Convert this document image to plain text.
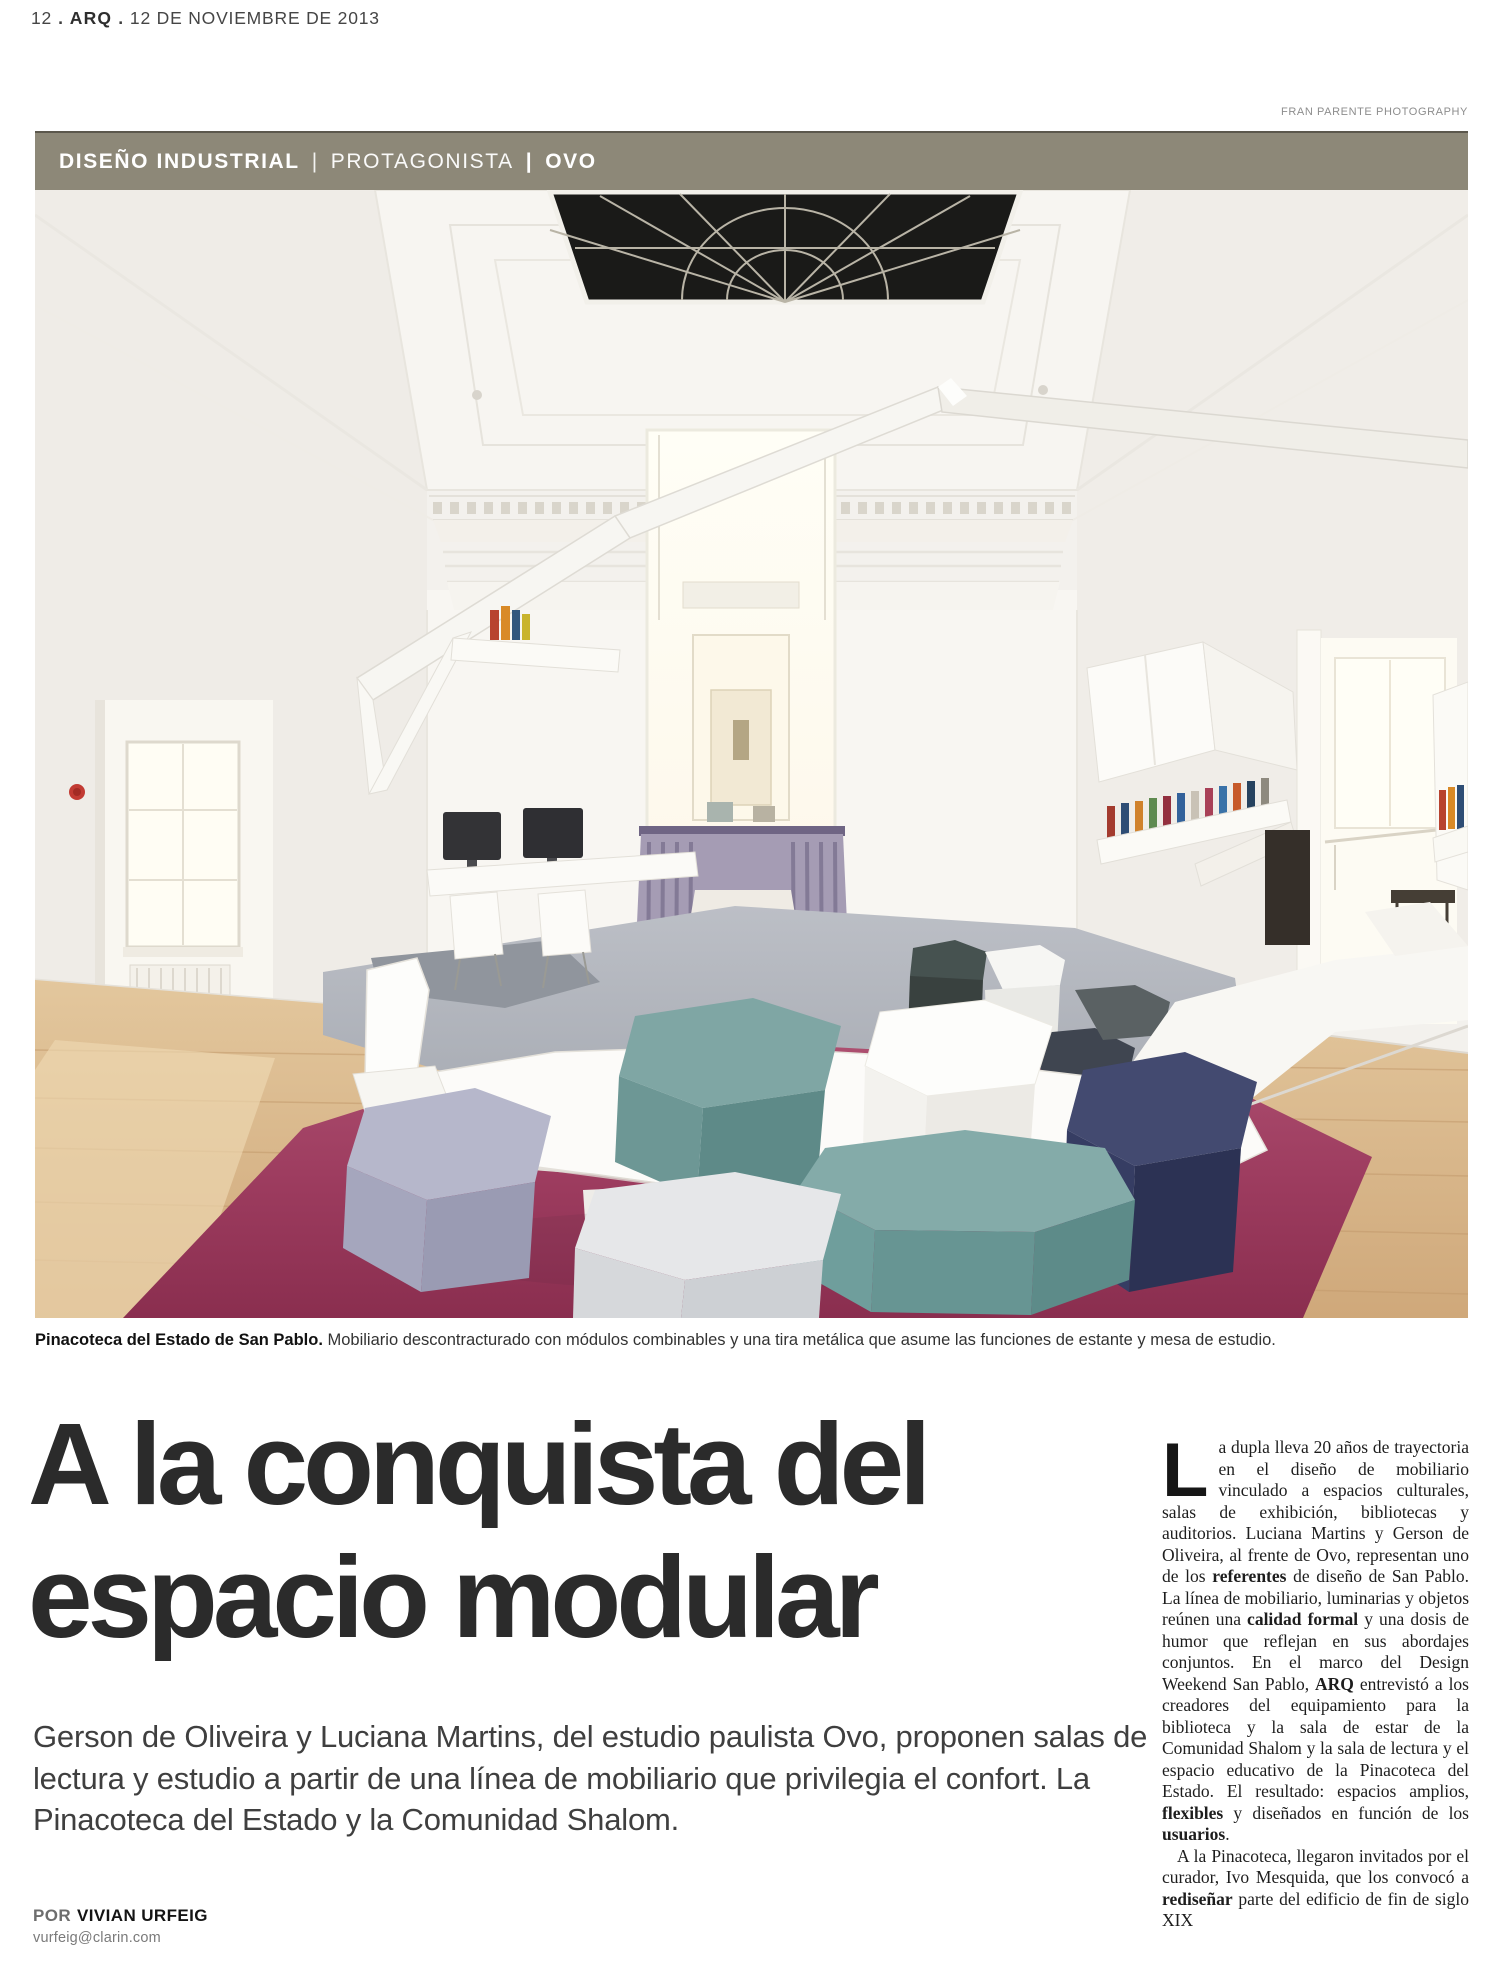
12 . ARQ . 12 DE NOVIEMBRE DE 2013
FRAN PARENTE PHOTOGRAPHY
DISEÑO INDUSTRIAL | PROTAGONISTA | OVO
Pinacoteca del Estado de San Pablo. Mobiliario descontracturado con módulos combinables y una tira metálica que asume las funciones de estante y mesa de estudio.
A la conquista del espacio modular

Gerson de Oliveira y Luciana Martins, del estudio paulista Ovo, proponen salas de lectura y estudio a partir de una línea de mobiliario que privilegia el confort. La Pinacoteca del Estado y la Comunidad Shalom.

POR VIVIAN URFEIG
vurfeig@clarin.com

La dupla lleva 20 años de trayectoria en el diseño de mobiliario vinculado a espacios culturales, salas de exhibición, bibliotecas y auditorios. Luciana Martins y Gerson de Oliveira, al frente de Ovo, representan uno de los referentes de diseño de San Pablo. La línea de mobiliario, luminarias y objetos reúnen una calidad formal y una dosis de humor que reflejan en sus abordajes conjuntos. En el marco del Design Weekend San Pablo, ARQ entrevistó a los creadores del equipamiento para la biblioteca y la sala de estar de la Comunidad Shalom y la sala de lectura y el espacio educativo de la Pinacoteca del Estado. El resultado: espacios amplios, flexibles y diseñados en función de los usuarios.

A la Pinacoteca, llegaron invitados por el curador, Ivo Mesquida, que los convocó a rediseñar parte del edificio de fin de siglo XIX
